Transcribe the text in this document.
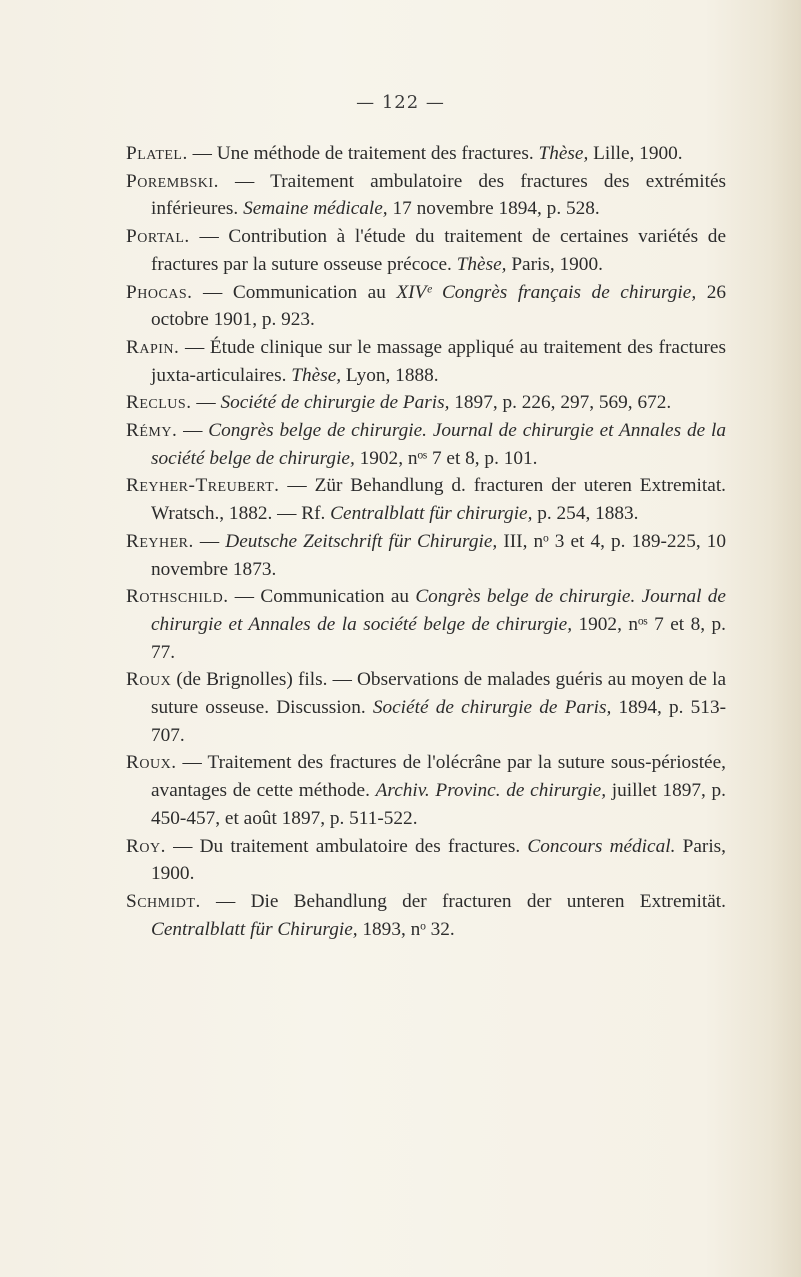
— 122 —

Platel. — Une méthode de traitement des fractures. Thèse, Lille, 1900.

Porembski. — Traitement ambulatoire des fractures des extrémités inférieures. Semaine médicale, 17 novembre 1894, p. 528.

Portal. — Contribution à l'étude du traitement de certaines variétés de fractures par la suture osseuse précoce. Thèse, Paris, 1900.

Phocas. — Communication au XIVᵉ Congrès français de chirurgie, 26 octobre 1901, p. 923.

Rapin. — Étude clinique sur le massage appliqué au traitement des fractures juxta-articulaires. Thèse, Lyon, 1888.

Reclus. — Société de chirurgie de Paris, 1897, p. 226, 297, 569, 672.

Rémy. — Congrès belge de chirurgie. Journal de chirurgie et Annales de la société belge de chirurgie, 1902, nᵒˢ 7 et 8, p. 101.

Reyher-Treubert. — Zür Behandlung d. fracturen der uteren Extremitat. Wratsch., 1882. — Rf. Centralblatt für chirurgie, p. 254, 1883.

Reyher. — Deutsche Zeitschrift für Chirurgie, III, nᵒ 3 et 4, p. 189-225, 10 novembre 1873.

Rothschild. — Communication au Congrès belge de chirurgie. Journal de chirurgie et Annales de la société belge de chirurgie, 1902, nᵒˢ 7 et 8, p. 77.

Roux (de Brignolles) fils. — Observations de malades guéris au moyen de la suture osseuse. Discussion. Société de chirurgie de Paris, 1894, p. 513-707.

Roux. — Traitement des fractures de l'olécrâne par la suture sous-périostée, avantages de cette méthode. Archiv. Provinc. de chirurgie, juillet 1897, p. 450-457, et août 1897, p. 511-522.

Roy. — Du traitement ambulatoire des fractures. Concours médical. Paris, 1900.

Schmidt. — Die Behandlung der fracturen der unteren Extremität. Centralblatt für Chirurgie, 1893, nᵒ 32.
